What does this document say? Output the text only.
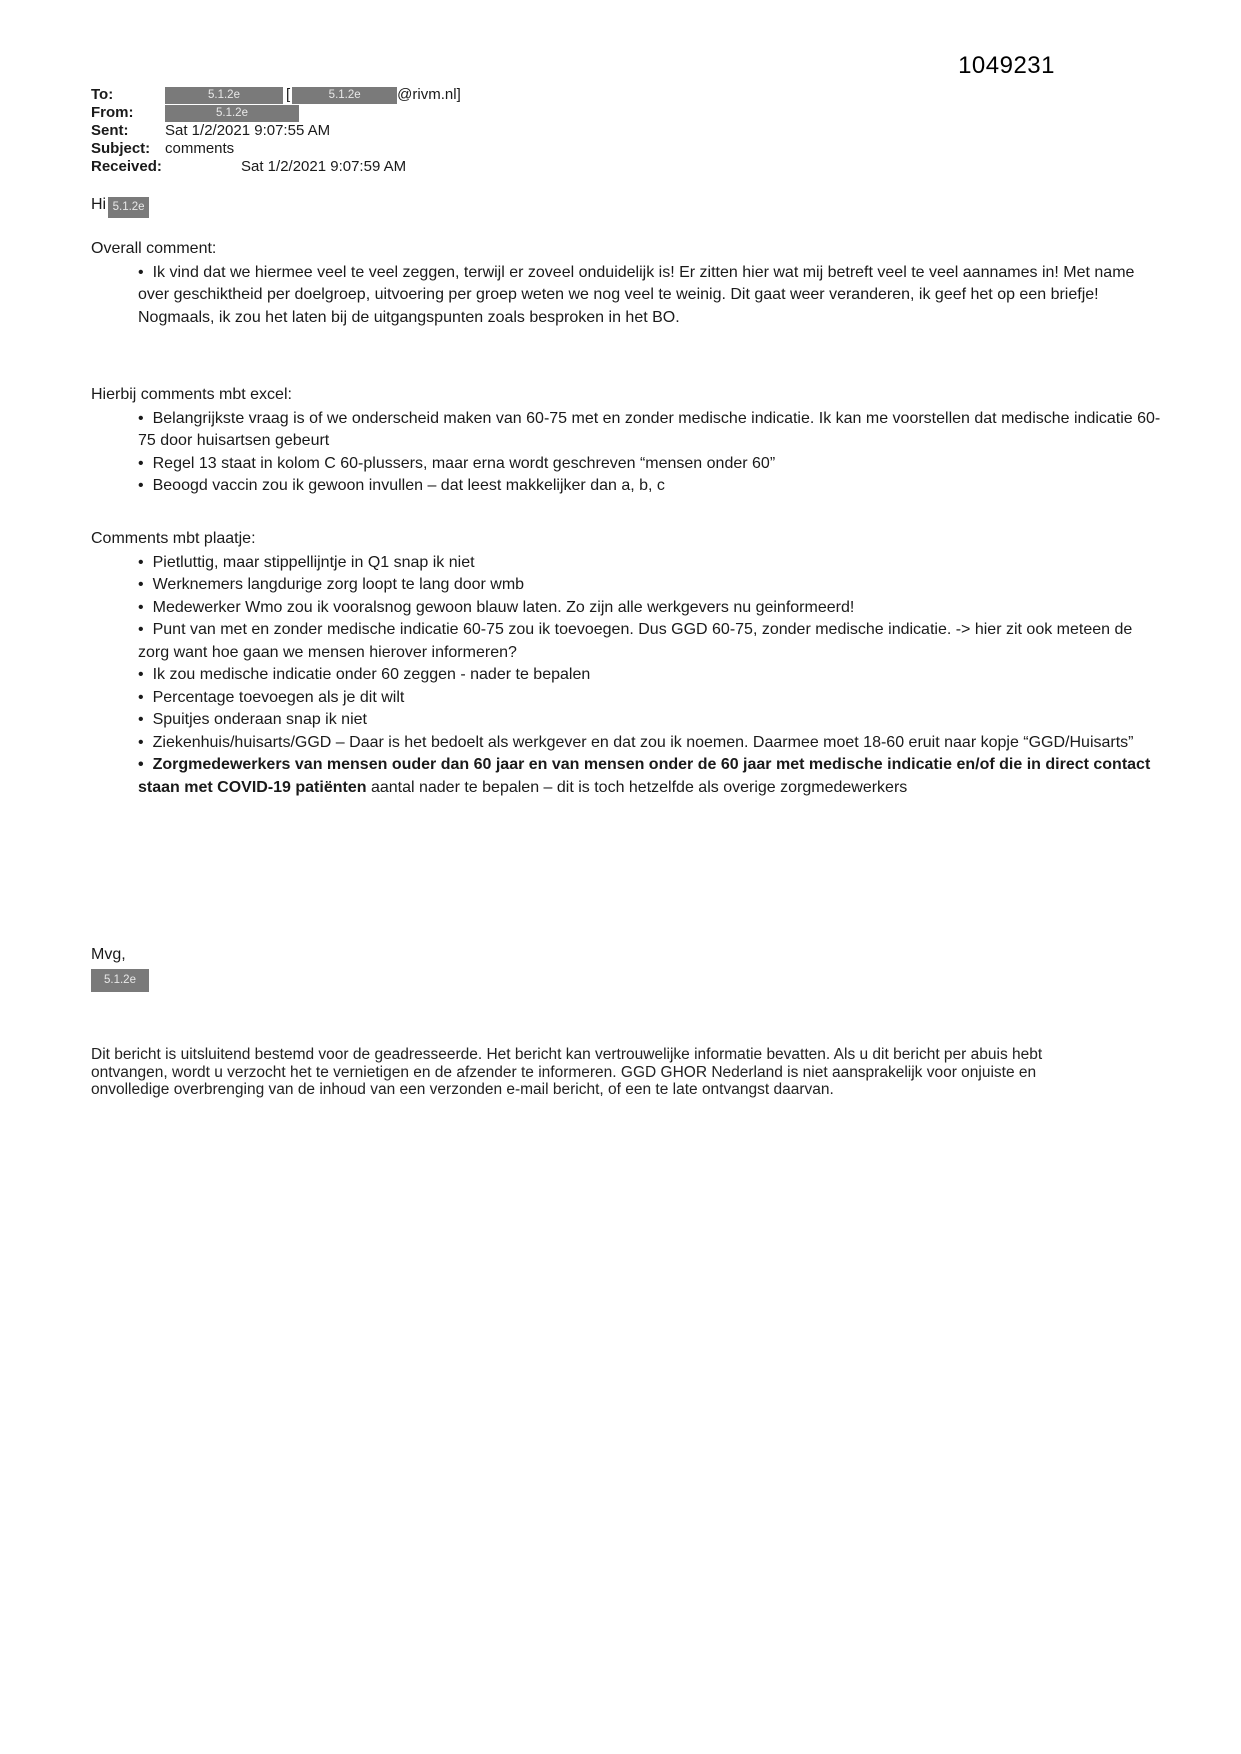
1049231
To:	5.1.2e	[	5.1.2e @rivm.nl]
From:	5.1.2e
Sent: Sat 1/2/2021 9:07:55 AM
Subject: comments
Received:	Sat 1/2/2021 9:07:59 AM
Hi 5.1.2e
Overall comment:
• Ik vind dat we hiermee veel te veel zeggen, terwijl er zoveel onduidelijk is! Er zitten hier wat mij betreft veel te veel aannames in! Met name over geschiktheid per doelgroep, uitvoering per groep weten we nog veel te weinig. Dit gaat weer veranderen, ik geef het op een briefje! Nogmaals, ik zou het laten bij de uitgangspunten zoals besproken in het BO.
Hierbij comments mbt excel:
• Belangrijkste vraag is of we onderscheid maken van 60-75 met en zonder medische indicatie. Ik kan me voorstellen dat medische indicatie 60-75 door huisartsen gebeurt
• Regel 13 staat in kolom C 60-plussers, maar erna wordt geschreven “mensen onder 60”
• Beoogd vaccin zou ik gewoon invullen – dat leest makkelijker dan a, b, c
Comments mbt plaatje:
• Pietluttig, maar stippellijntje in Q1 snap ik niet
• Werknemers langdurige zorg loopt te lang door wmb
• Medewerker Wmo zou ik vooralsnog gewoon blauw laten. Zo zijn alle werkgevers nu geinformeerd!
• Punt van met en zonder medische indicatie 60-75 zou ik toevoegen. Dus GGD 60-75, zonder medische indicatie. -> hier zit ook meteen de zorg want hoe gaan we mensen hierover informeren?
• Ik zou medische indicatie onder 60 zeggen - nader te bepalen
• Percentage toevoegen als je dit wilt
• Spuitjes onderaan snap ik niet
• Ziekenhuis/huisarts/GGD – Daar is het bedoelt als werkgever en dat zou ik noemen. Daarmee moet 18-60 eruit naar kopje “GGD/Huisarts”
• Zorgmedewerkers van mensen ouder dan 60 jaar en van mensen onder de 60 jaar met medische indicatie en/of die in direct contact staan met COVID-19 patiënten aantal nader te bepalen – dit is toch hetzelfde als overige zorgmedewerkers
Mvg,
5.1.2e
Dit bericht is uitsluitend bestemd voor de geadresseerde. Het bericht kan vertrouwelijke informatie bevatten. Als u dit bericht per abuis hebt ontvangen, wordt u verzocht het te vernietigen en de afzender te informeren. GGD GHOR Nederland is niet aansprakelijk voor onjuiste en onvolledige overbrenging van de inhoud van een verzonden e-mail bericht, of een te late ontvangst daarvan.
